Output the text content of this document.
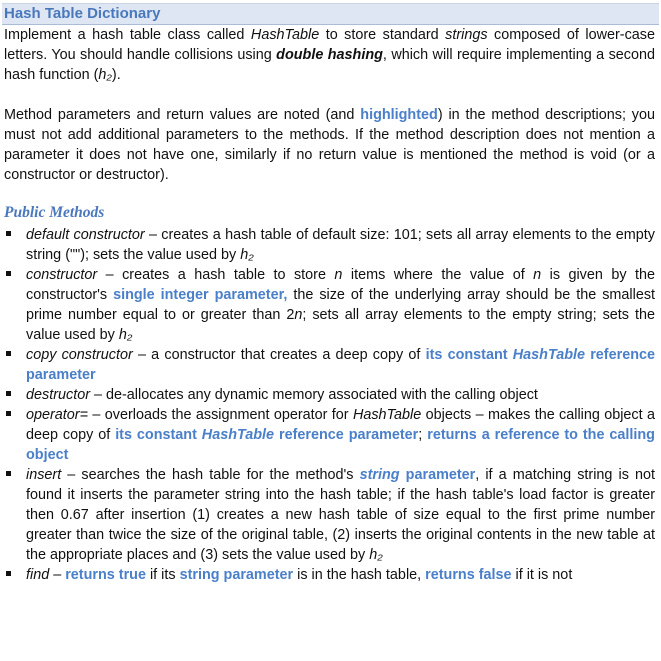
Hash Table Dictionary

Implement a hash table class called HashTable to store standard strings composed of lower-case letters. You should handle collisions using double hashing, which will require implementing a second hash function (h₂).

Method parameters and return values are noted (and highlighted) in the method descriptions; you must not add additional parameters to the methods. If the method description does not mention a parameter it does not have one, similarly if no return value is mentioned the method is void (or a constructor or destructor).

Public Methods
default constructor – creates a hash table of default size: 101; sets all array elements to the empty string (""); sets the value used by h₂
constructor – creates a hash table to store n items where the value of n is given by the constructor's single integer parameter, the size of the underlying array should be the smallest prime number equal to or greater than 2n; sets all array elements to the empty string; sets the value used by h₂
copy constructor – a constructor that creates a deep copy of its constant HashTable reference parameter
destructor – de-allocates any dynamic memory associated with the calling object
operator= – overloads the assignment operator for HashTable objects – makes the calling object a deep copy of its constant HashTable reference parameter; returns a reference to the calling object
insert – searches the hash table for the method's string parameter, if a matching string is not found it inserts the parameter string into the hash table; if the hash table's load factor is greater then 0.67 after insertion (1) creates a new hash table of size equal to the first prime number greater than twice the size of the original table, (2) inserts the original contents in the new table at the appropriate places and (3) sets the value used by h₂
find – returns true if its string parameter is in the hash table, returns false if it is not
